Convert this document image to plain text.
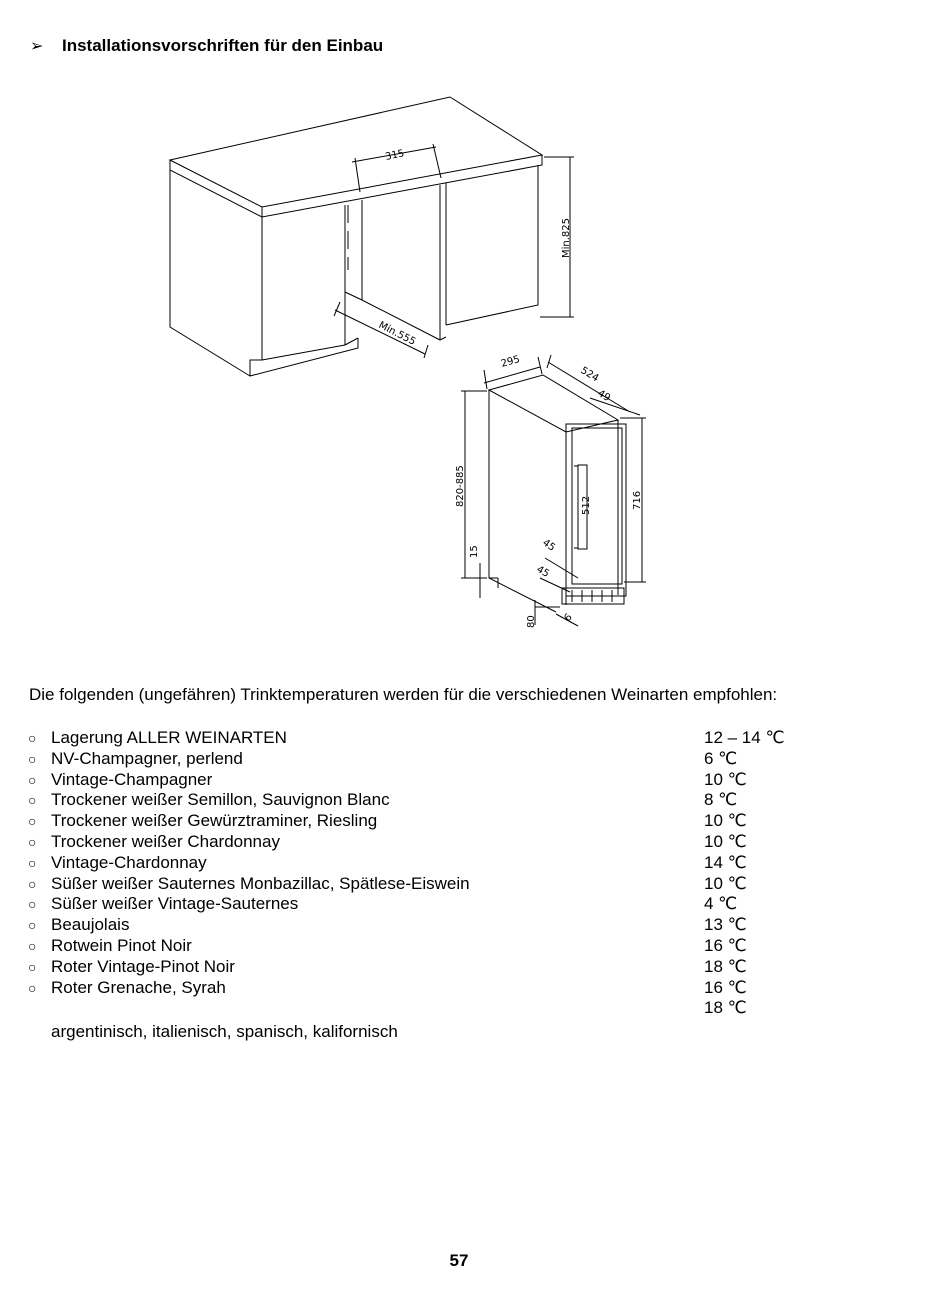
➢	Installationsvorschriften für den Einbau
315
Min.825
Min.555
295
524
49
820-885	716
512
15	45
45
80	6
Die folgenden (ungefähren) Trinktemperaturen werden für die verschiedenen Weinarten empfohlen:
○ Lagerung ALLER WEINARTEN	12 – 14 ℃
○ NV-Champagner, perlend	6 ℃
○ Vintage-Champagner	10 ℃
○ Trockener weißer Semillon, Sauvignon Blanc	8 ℃
○ Trockener weißer Gewürztraminer, Riesling	10 ℃
○ Trockener weißer Chardonnay	10 ℃
○ Vintage-Chardonnay	14 ℃
○ Süßer weißer Sauternes Monbazillac, Spätlese-Eiswein	10 ℃
○ Süßer weißer Vintage-Sauternes	4 ℃
○ Beaujolais	13 ℃
○ Rotwein Pinot Noir	16 ℃
○ Roter Vintage-Pinot Noir	18 ℃
○ Roter Grenache, Syrah	16 ℃
18 ℃
argentinisch, italienisch, spanisch, kalifornisch
57
